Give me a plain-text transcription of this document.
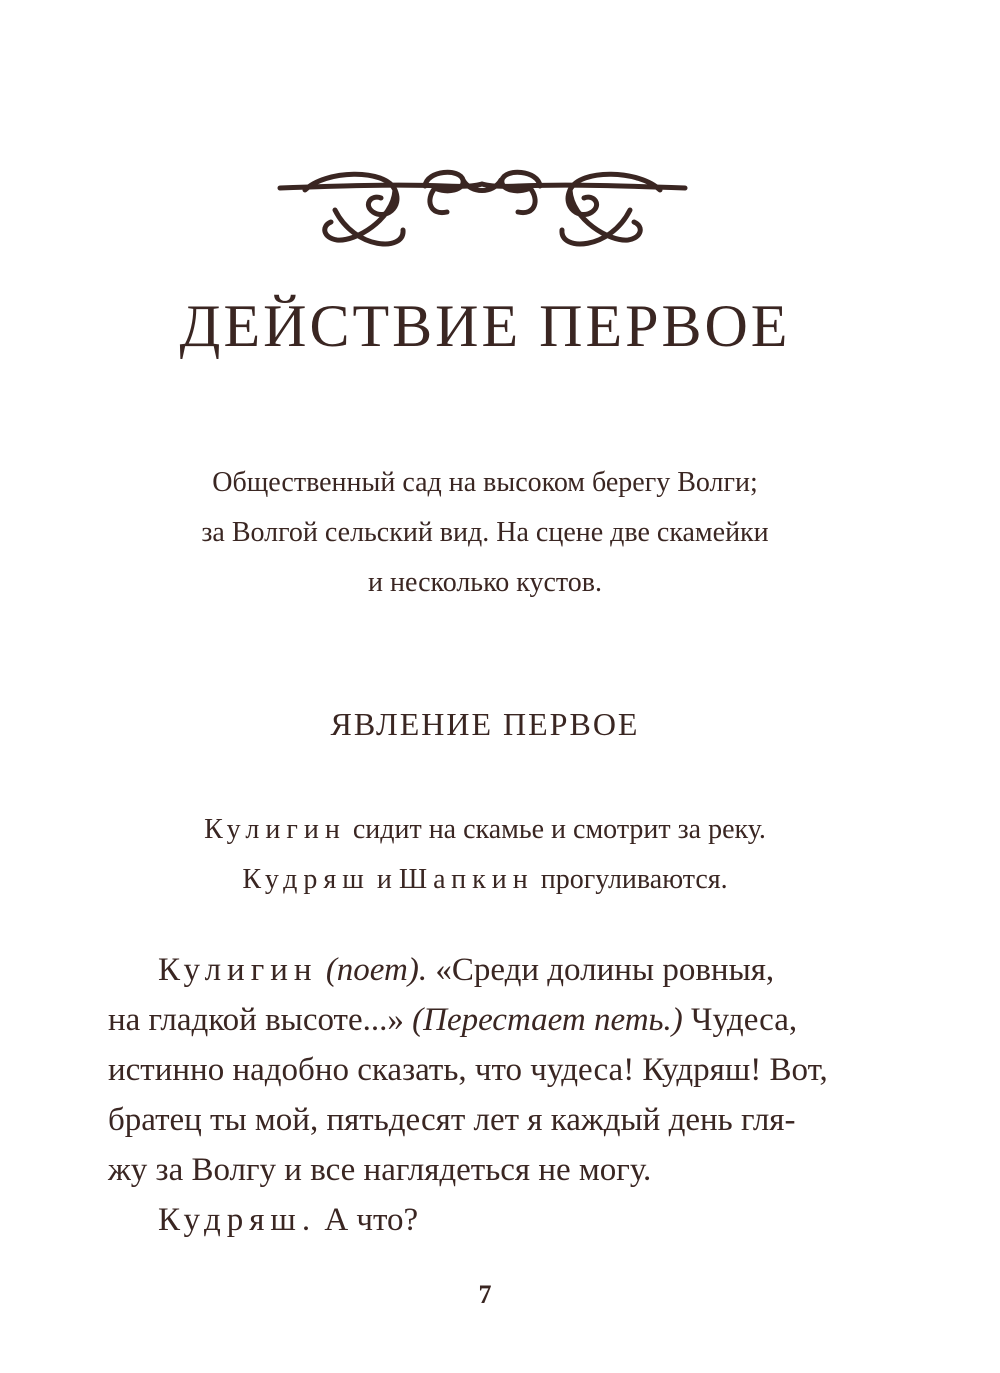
ДЕЙСТВИЕ ПЕРВОЕ
Общественный сад на высоком берегу Волги;
за Волгой сельский вид. На сцене две скамейки
и несколько кустов.
ЯВЛЕНИЕ ПЕРВОЕ
Кулигин сидит на скамье и смотрит за реку.
Кудряш и Шапкин прогуливаются.
Кулигин (поет). «Среди долины ровныя,
на гладкой высоте...» (Перестает петь.) Чудеса,
истинно надобно сказать, что чудеса! Кудряш! Вот,
братец ты мой, пятьдесят лет я каждый день гля-
жу за Волгу и все наглядеться не могу.
Кудряш. А что?
7
